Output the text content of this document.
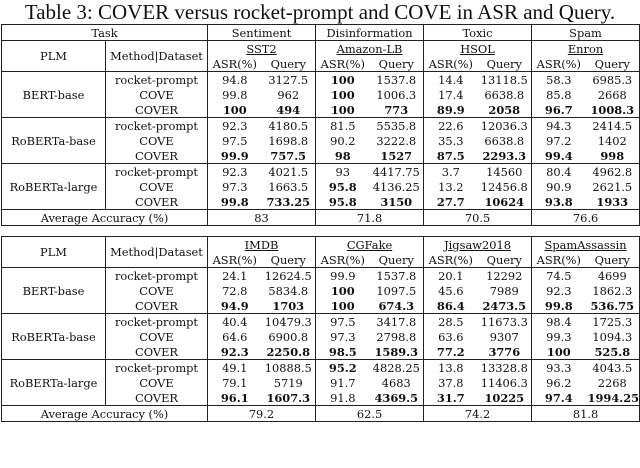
Table 3: COVER versus rocket-prompt and COVE in ASR and Query.
Task		Sentiment		Disinformation		Toxic		Spam	
PLM	Method|Dataset	SST2		Amazon-LB		HSOL		Enron	
		ASR(%)	Query	ASR(%)	Query	ASR(%)	Query	ASR(%)	Query
BERT-base	rocket-prompt	94.8	3127.5	100	1537.8	14.4	13118.5	58.3	6985.3
	COVE	99.8	962	100	1006.3	17.4	6638.8	85.8	2668
	COVER	100	494	100	773	89.9	2058	96.7	1008.3
RoBERTa-base	rocket-prompt	92.3	4180.5	81.5	5535.8	22.6	12036.3	94.3	2414.5
	COVE	97.5	1698.8	90.2	3222.8	35.3	6638.8	97.2	1402
	COVER	99.9	757.5	98	1527	87.5	2293.3	99.4	998
RoBERTa-large	rocket-prompt	92.3	4021.5	93	4417.75	3.7	14560	80.4	4962.8
	COVE	97.3	1663.5	95.8	4136.25	13.2	12456.8	90.9	2621.5
	COVER	99.8	733.25	95.8	3150	27.7	10624	93.8	1933
Average Accuracy (%)		83		71.8		70.5		76.6	
PLM	Method|Dataset	IMDB		CGFake		Jigsaw2018		SpamAssassin	
		ASR(%)	Query	ASR(%)	Query	ASR(%)	Query	ASR(%)	Query
BERT-base	rocket-prompt	24.1	12624.5	99.9	1537.8	20.1	12292	74.5	4699
	COVE	72.8	5834.8	100	1097.5	45.6	7989	92.3	1862.3
	COVER	94.9	1703	100	674.3	86.4	2473.5	99.8	536.75
RoBERTa-base	rocket-prompt	40.4	10479.3	97.5	3417.8	28.5	11673.3	98.4	1725.3
	COVE	64.6	6900.8	97.3	2798.8	63.6	9307	99.3	1094.3
	COVER	92.3	2250.8	98.5	1589.3	77.2	3776	100	525.8
RoBERTa-large	rocket-prompt	49.1	10888.5	95.2	4828.25	13.8	13328.8	93.3	4043.5
	COVE	79.1	5719	91.7	4683	37.8	11406.3	96.2	2268
	COVER	96.1	1607.3	91.8	4369.5	31.7	10225	97.4	1994.25
Average Accuracy (%)		79.2		62.5		74.2		81.8	
